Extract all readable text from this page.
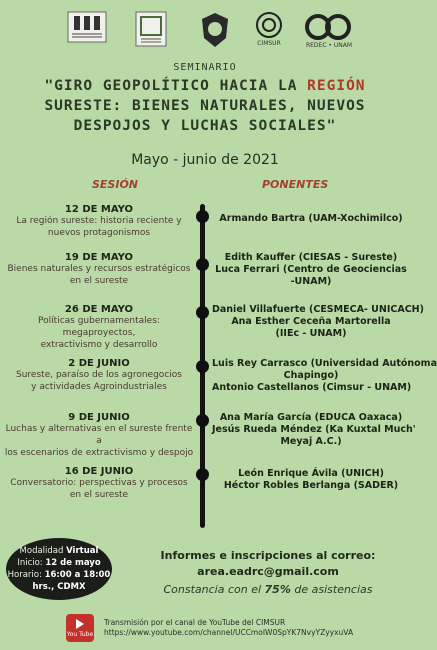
CIMSUR	REDEC • UNAM
SEMINARIO
"GIRO GEOPOLÍTICO HACIA LA REGIÓN
SURESTE: BIENES NATURALES, NUEVOS
DESPOJOS Y LUCHAS SOCIALES"
Mayo - junio de 2021
SESIÓN	PONENTES
12 DE MAYO
La región sureste: historia reciente y
nuevos protagonismos
Armando Bartra (UAM-Xochimilco)
19 DE MAYO
Bienes naturales y recursos estratégicos
en el sureste
Edith Kauffer (CIESAS - Sureste)
Luca Ferrari (Centro de Geociencias
-UNAM)
26 DE MAYO
Políticas gubernamentales: megaproyectos,
extractivismo y desarrollo
Daniel Villafuerte (CESMECA- UNICACH)
Ana Esther Ceceña Martorella
(IIEc - UNAM)
2 DE JUNIO
Sureste, paraíso de los agronegocios
y actividades Agroindustriales
Luis Rey Carrasco (Universidad Autónoma
Chapingo)
Antonio Castellanos (Cimsur - UNAM)
9 DE JUNIO
Luchas y alternativas en el sureste frente a
los escenarios de extractivismo y despojo
Ana María García (EDUCA Oaxaca)
Jesús Rueda Méndez (Ka Kuxtal Much'
Meyaj A.C.)
16 DE JUNIO
Conversatorio: perspectivas y procesos
en el sureste
León Enrique Ávila (UNICH)
Héctor Robles Berlanga (SADER)
Modalidad Virtual
Inicio: 12 de mayo
Horario: 16:00 a 18:00
hrs., CDMX
Informes e inscripciones al correo:
area.eadrc@gmail.com
Constancia con el 75% de asistencias
You Tube
Transmisión por el canal de YouTube del CIMSUR
https://www.youtube.com/channel/UCCmoIW0SpYK7NvyYZyyxuVA
